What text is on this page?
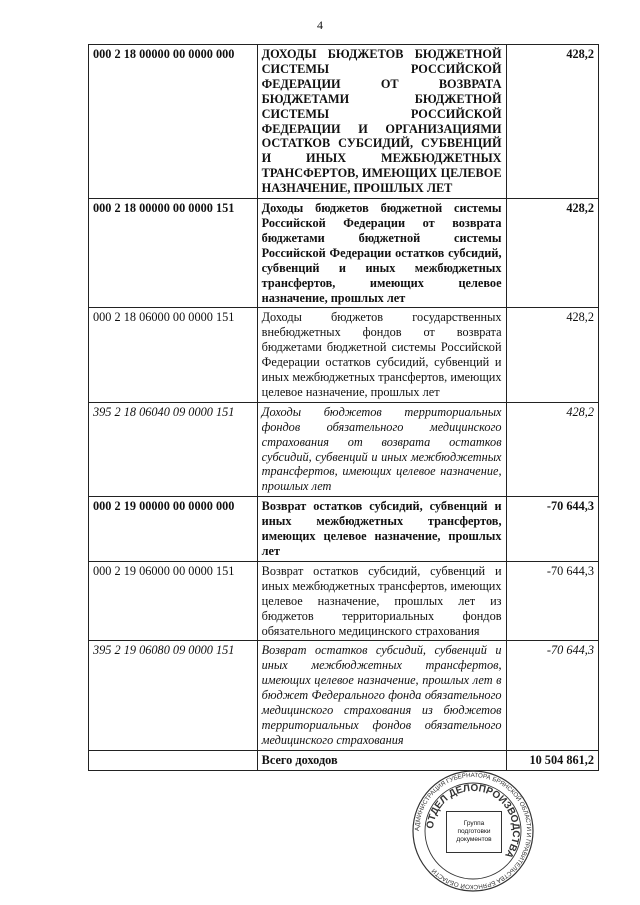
4
000 2 18 00000 00 0000 000	ДОХОДЫ БЮДЖЕТОВ БЮДЖЕТНОЙ СИСТЕМЫ РОССИЙСКОЙ ФЕДЕРАЦИИ ОТ ВОЗВРАТА БЮДЖЕТАМИ БЮДЖЕТНОЙ СИСТЕМЫ РОССИЙСКОЙ ФЕДЕРАЦИИ И ОРГАНИЗАЦИЯМИ ОСТАТКОВ СУБСИДИЙ, СУБВЕНЦИЙ И ИНЫХ МЕЖБЮДЖЕТНЫХ ТРАНСФЕРТОВ, ИМЕЮЩИХ ЦЕЛЕВОЕ НАЗНАЧЕНИЕ, ПРОШЛЫХ ЛЕТ	428,2
000 2 18 00000 00 0000 151	Доходы бюджетов бюджетной системы Российской Федерации от возврата бюджетами бюджетной системы Российской Федерации остатков субсидий, субвенций и иных межбюджетных трансфертов, имеющих целевое назначение, прошлых лет	428,2
000 2 18 06000 00 0000 151	Доходы бюджетов государственных внебюджетных фондов от возврата бюджетами бюджетной системы Российской Федерации остатков субсидий, субвенций и иных межбюджетных трансфертов, имеющих целевое назначение, прошлых лет	428,2
395 2 18 06040 09 0000 151	Доходы бюджетов территориальных фондов обязательного медицинского страхования от возврата остатков субсидий, субвенций и иных межбюджетных трансфертов, имеющих целевое назначение, прошлых лет	428,2
000 2 19 00000 00 0000 000	Возврат остатков субсидий, субвенций и иных межбюджетных трансфертов, имеющих целевое назначение, прошлых лет	-70 644,3
000 2 19 06000 00 0000 151	Возврат остатков субсидий, субвенций и иных межбюджетных трансфертов, имеющих целевое назначение, прошлых лет из бюджетов территориальных фондов обязательного медицинского страхования	-70 644,3
395 2 19 06080 09 0000 151	Возврат остатков субсидий, субвенций и иных межбюджетных трансфертов, имеющих целевое назначение, прошлых лет в бюджет Федерального фонда обязательного медицинского страхования из бюджетов территориальных фондов обязательного медицинского страхования	-70 644,3
	Всего доходов	10 504 861,2
АДМИНИСТРАЦИЯ ГУБЕРНАТОРА БРЯНСКОЙ ОБЛАСТИ И ПРАВИТЕЛЬСТВА БРЯНСКОЙ ОБЛАСТИ
ОТДЕЛ ДЕЛОПРОИЗВОДСТВА
Группа
подготовки
документов
